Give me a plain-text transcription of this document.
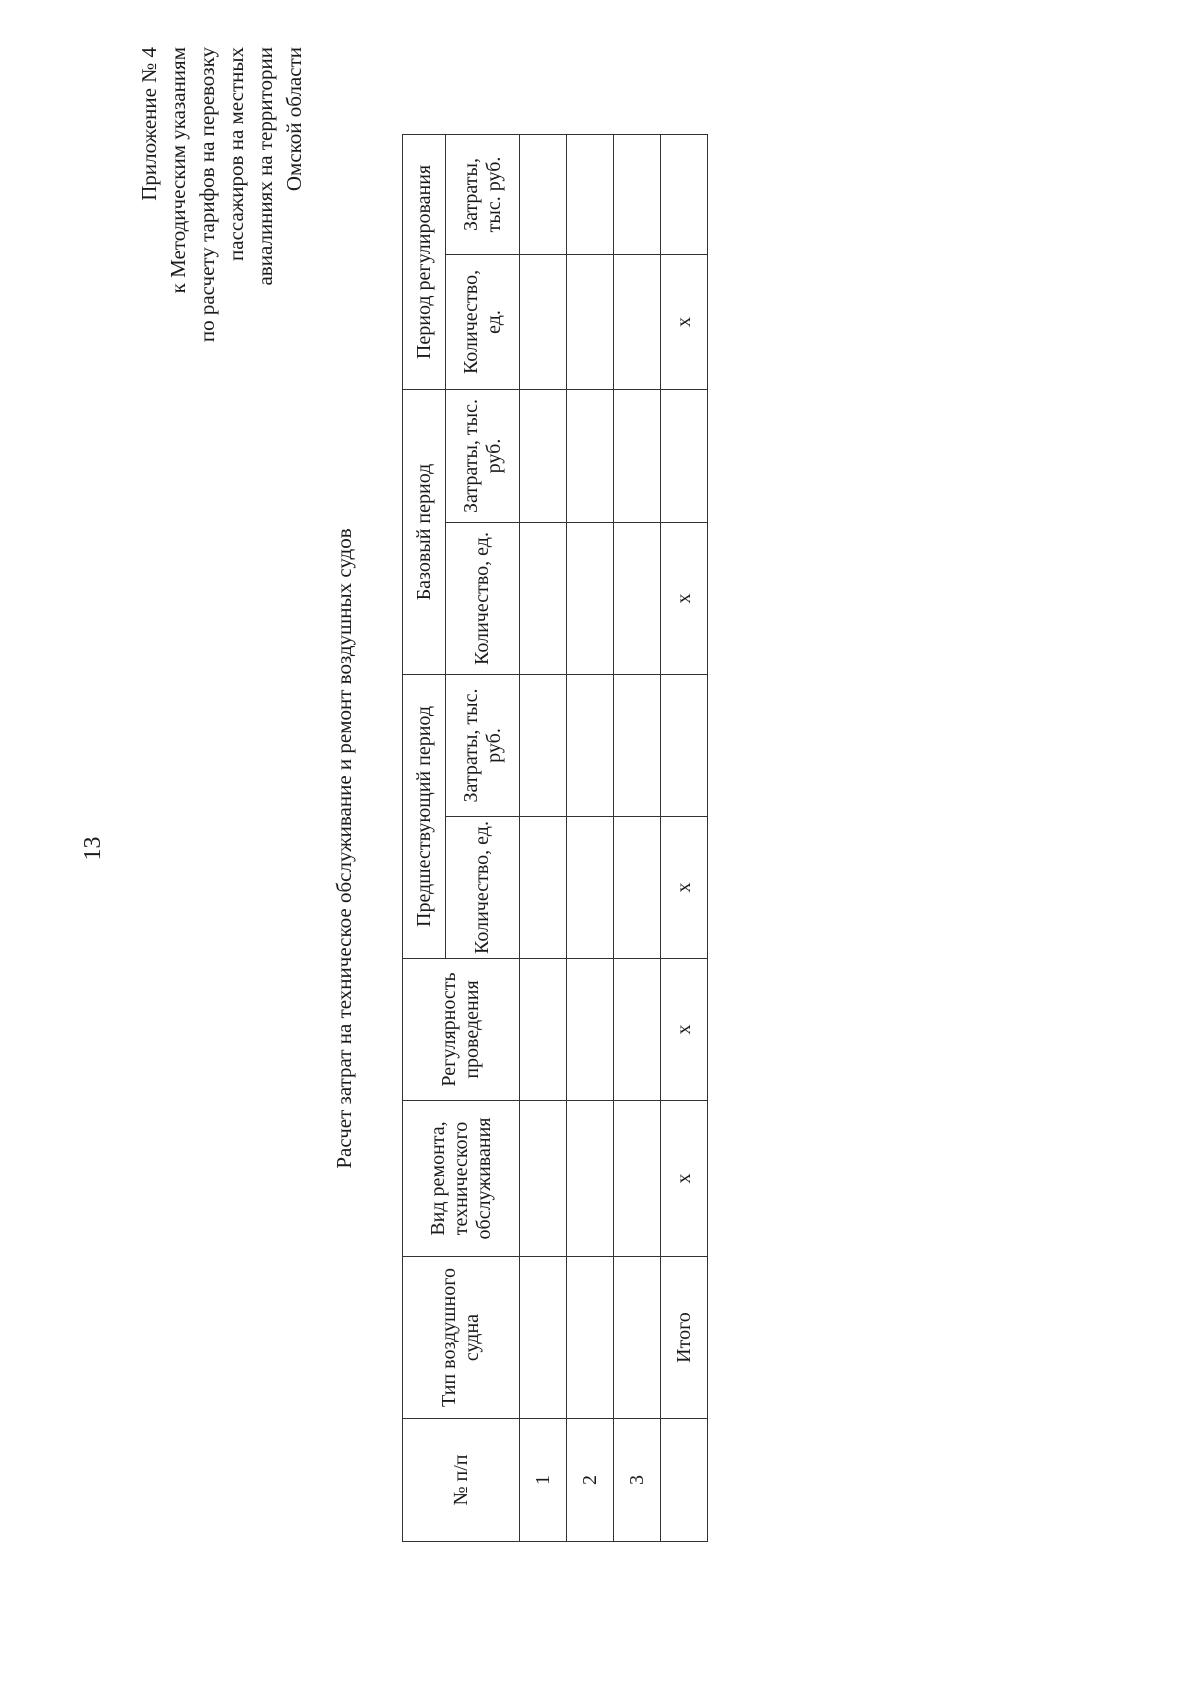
13
Приложение № 4 к Методическим указаниям по расчету тарифов на перевозку пассажиров на местных авиалиниях на территории Омской области
Расчет затрат на техническое обслуживание и ремонт воздушных судов
№ п/п	Тип воздушного судна	Вид ремонта, технического обслуживания	Регулярность проведения	Предшествующий период		Базовый период		Период регулирования	
				Количество, ед.	Затраты, тыс. руб.	Количество, ед.	Затраты, тыс. руб.	Количество, ед.	Затраты, тыс. руб.
1									
2									
3									
	Итого	x	x	x		x		x	
